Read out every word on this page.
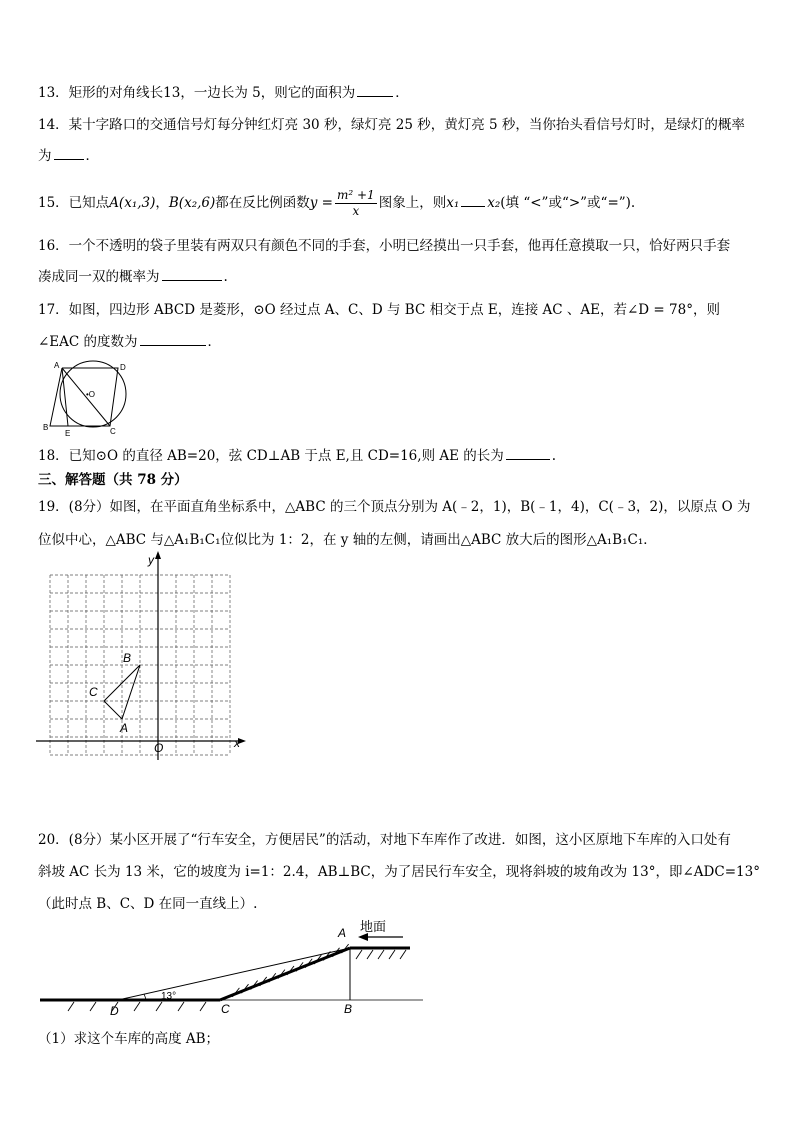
13．矩形的对角线长13，一边长为 5，则它的面积为	．
14．某十字路口的交通信号灯每分钟红灯亮 30 秒，绿灯亮 25 秒，黄灯亮 5 秒，当你抬头看信号灯时，是绿灯的概率
为	．
15．已知点A(x₁,3)，B(x₂,6)都在反比例函数$y = \frac{\text{m² +1}}{x}$ 图象上，则x₁ x₂(填 “<”或“>”或“=”).
16．一个不透明的袋子里装有两双只有颜色不同的手套，小明已经摸出一只手套，他再任意摸取一只，恰好两只手套
凑成同一双的概率为	.
17．如图，四边形 ABCD 是菱形，⊙O 经过点 A、C、D 与 BC 相交于点 E，连接 AC 、AE，若∠D = 78°，则
∠EAC 的度数为	．
A	D
•O
B
E	C
18．已知⊙O 的直径 AB=20，弦 CD⊥AB 于点 E,且 CD=16,则 AE 的长为	.
三、解答题（共 78 分）
19．(8分）如图，在平面直角坐标系中，△ABC 的三个顶点分别为 A(﹣2，1)，B(﹣1，4)，C(﹣3，2)，以原点 O 为
位似中心，△ABC 与△A₁B₁C₁位似比为 1：2，在 y 轴的左侧，请画出△ABC 放大后的图形△A₁B₁C₁．
y
x
O
A
B
C
20．(8分）某小区开展了“行车安全，方便居民”的活动，对地下车库作了改进．如图，这小区原地下车库的入口处有
斜坡 AC 长为 13 米，它的坡度为 i=1：2.4，AB⊥BC，为了居民行车安全，现将斜坡的坡角改为 13°，即∠ADC=13°
（此时点 B、C、D 在同一直线上）.
13°
A 地面
D	C	B
（1）求这个车库的高度 AB；
